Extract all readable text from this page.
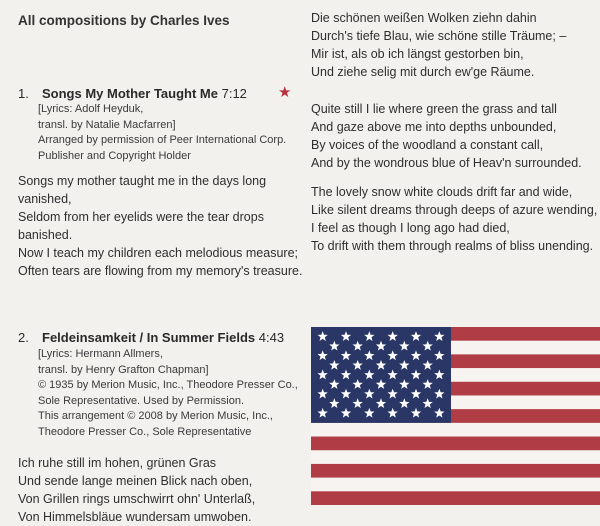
All compositions by Charles Ives
1. Songs My Mother Taught Me 7:12 ★
[Lyrics: Adolf Heyduk,
transl. by Natalie Macfarren]
Arranged by permission of Peer International Corp.
Publisher and Copyright Holder
Songs my mother taught me in the days long
vanished,
Seldom from her eyelids were the tear drops
banished.
Now I teach my children each melodious measure;
Often tears are flowing from my memory's treasure.
2. Feldeinsamkeit / In Summer Fields 4:43
[Lyrics: Hermann Allmers,
transl. by Henry Grafton Chapman]
© 1935 by Merion Music, Inc., Theodore Presser Co.,
Sole Representative. Used by Permission.
This arrangement © 2008 by Merion Music, Inc.,
Theodore Presser Co., Sole Representative
Ich ruhe still im hohen, grünen Gras
Und sende lange meinen Blick nach oben,
Von Grillen rings umschwirrt ohn' Unterlaß,
Von Himmelsbläue wundersam umwoben.
Die schönen weißen Wolken ziehn dahin
Durch's tiefe Blau, wie schöne stille Träume; –
Mir ist, als ob ich längst gestorben bin,
Und ziehe selig mit durch ew'ge Räume.
Quite still I lie where green the grass and tall
And gaze above me into depths unbounded,
By voices of the woodland a constant call,
And by the wondrous blue of Heav'n surrounded.
The lovely snow white clouds drift far and wide,
Like silent dreams through deeps of azure wending,
I feel as though I long ago had died,
To drift with them through realms of bliss unending.
